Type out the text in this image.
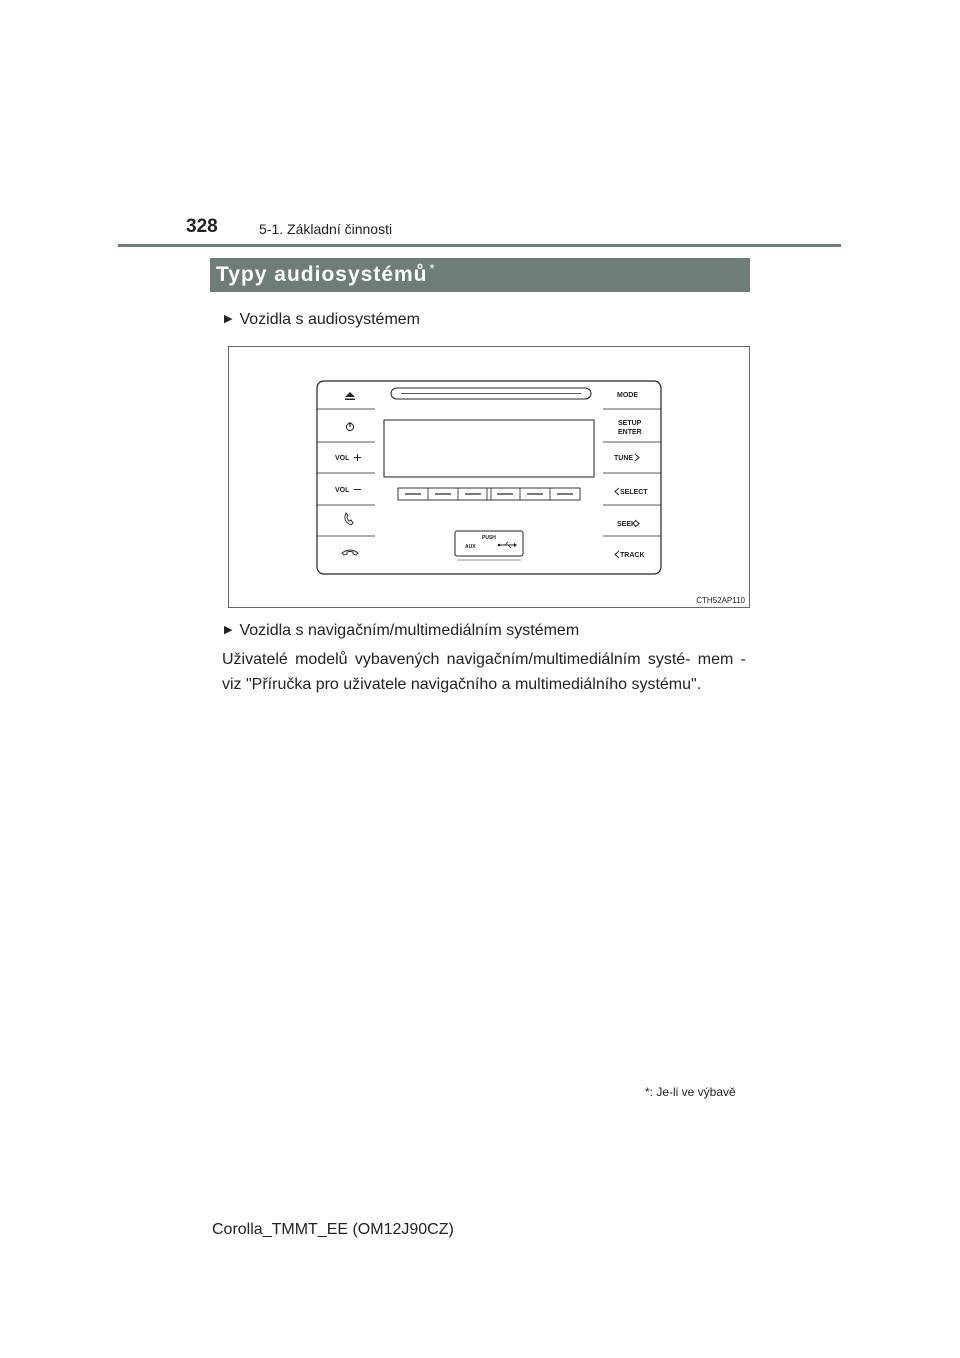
328	5-1. Základní činnosti
Typy audiosystémů *
▶ Vozidla s audiosystémem
VOL
VOL
MODE
SETUP
ENTER
TUNE
SELECT
SEEK
TRACK
PUSH
AUX
CTH52AP110
▶ Vozidla s navigačním/multimediálním systémem
Uživatelé modelů vybavených navigačním/multimediálním systé- mem - viz "Příručka pro uživatele navigačního a multimediálního systému".
*: Je-li ve výbavě
Corolla_TMMT_EE (OM12J90CZ)
